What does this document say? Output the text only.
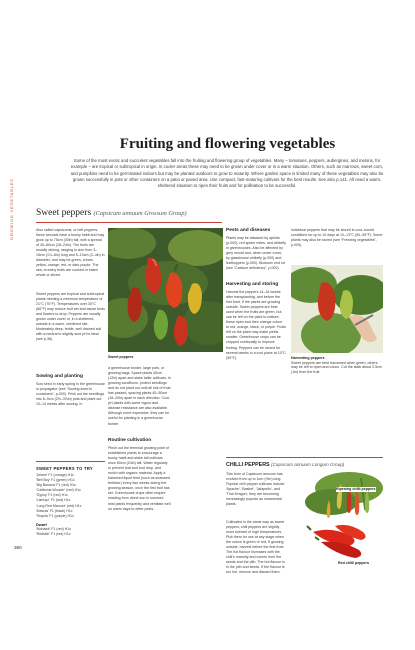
GROWING VEGETABLES
Fruiting and flowering vegetables

Some of the most exotic and succulent vegetables fall into the fruiting and flowering group of vegetables. Many – tomatoes, peppers, aubergines, and melons, for example – are tropical or subtropical in origin. In cooler areas these may need to be grown under cover or in a warm situation. Others, such as marrows, sweet corn, and pumpkins need to be germinated indoors but may be planted outdoors to grow to maturity. Where garden space is limited many of these vegetables may also be grown successfully in pots or other containers on a patio or paved area. Use compact, fast-maturing cultivars for the best results. See also p.141. All need a warm, sheltered situation to ripen their fruits and for pollination to be successful.

Sweet peppers (Capsicum annuum Grossum Group)

Also called capsicums, or bell peppers, these annuals have a bushy habit and may grow up to 75cm (30in) tall, with a spread of 45–60cm (18–24in). The fruits are usually oblong, ranging in size from 3–15cm (1¼–6in) long and 5–10cm (2–4in) in diameter, and may be green, cream, yellow, orange, red, or dark purple. The raw, crunchy fruits are cooked or eaten whole or sliced.

Sweet peppers are tropical and subtropical plants needing a minimum temperature of 21°C (70°F). Temperatures over 30°C (86°F) may reduce fruit set and cause buds and flowers to drop. Peppers are usually grown under cover or, in a sheltered, outside in a warm, sheltered site. Moderately deep, fertile, well drained soil with a neutral to slightly acid pH is ideal (see p.36).

Sowing and planting

Sow seed in early spring in the greenhouse or propagator (see “Sowing seed in containers”, p.000). Prick out the seedlings into 6–9cm (2½–3½in) pots and plant out 10–14 weeks after sowing, in

Sweet peppers

a greenhouse border, large pots, or growing bags. Space plants 30cm (12in) apart and stake taller cultivars. In growing conditions, protect seedlings and do not plant out until all risk of frost has passed, spacing plants 45–50cm (18–20in) apart in each direction. Cool-pH plants with some vigour and disease resistance are also available. Although more expensive, they can be useful for planting in a greenhouse border.

Routine cultivation

Pinch out the terminal growing point of established plants to encourage a bushy habit and stake tall cultivars once 60cm (24in) tall. Water regularly to prevent leaf and bud drop, and mulch with organic material. Apply a balanced liquid feed (such as seaweed fertilizer) every two weeks during the growing season, once the first fruit has set. Greenhouse crops often require shading from direct sun in summer; mist plants frequently and ventilate well on warm days to deter pests.

Pests and diseases

Plants may be attacked by aphids (p.000), red spider mites, and whitefly in greenhouses. Also be affected by grey mould and, when under cover, by glasshouse whitefly (p.000) and leafhoppers (p.000). Blossom end rot (see “Calcium deficiency”, p.000).

Harvesting and storing

Harvest the peppers 14–18 weeks after transplanting, and before the first frost. If the plants are growing outside. Sweet peppers are best used when the fruits are green, but can be left on the plant to mature; these ripen and then change colour to red, orange, black, or purple. Fruits left on the plant may make yields smaller. Greenhouse crops can be cropped continually to improve fruiting. Peppers can be stored for several weeks in a cool place at 10°C (50°F).

individual peppers that may be stored in cool–humid conditions for up to 10 days at 10–13°C (50–55°F). Some plants may also be stored (see “Freezing vegetables”, p.000).

Harvesting peppers
Sweet peppers are best harvested when green; others may be left to ripen and colour. Cut the stalk about 2.5cm (1in) from the fruit.

SWEET PEPPERS TO TRY

'Ariane' F1 (orange) H1c

'Bell Boy' F1 (green) H1c

'Big Banana' F1 (red) H1c

'California Wonder' (red) H1c

'Gypsy' F1 (red) H1c

'Lamuyo' F1 (red) H1c

'Long Red Marconi' (red) H1c

'Mavras' F1 (black) H1c

'Tequila' F1 (purple) H1c

Dwarf

'Mohawk' F1 (red) H1c

'Redskin' F1 (red) H1c

CHILLI PEPPERS (Capsicum annuum Longum Group)

This form of Capsicum annuum has evolved from up to 1cm (½in) long. Popular chili pepper cultivars include 'Apache', 'Basket', 'Jalapeño', and 'Thai Dragon'; they are becoming increasingly popular as ornamental plants.

Cultivated in the same way as sweet peppers, chili peppers are slightly more tolerant of high temperatures. Pick them for use at any stage when the colour is green or red. If growing outside, harvest before the first frost. The hot flavour increases with the chili’s maturity and comes from the seeds and the pith. The hot flavour is in the pith and seeds. If the flavour is too hot, remove and discard them.

Ripening chilli peppers

Red chilli peppers

380
